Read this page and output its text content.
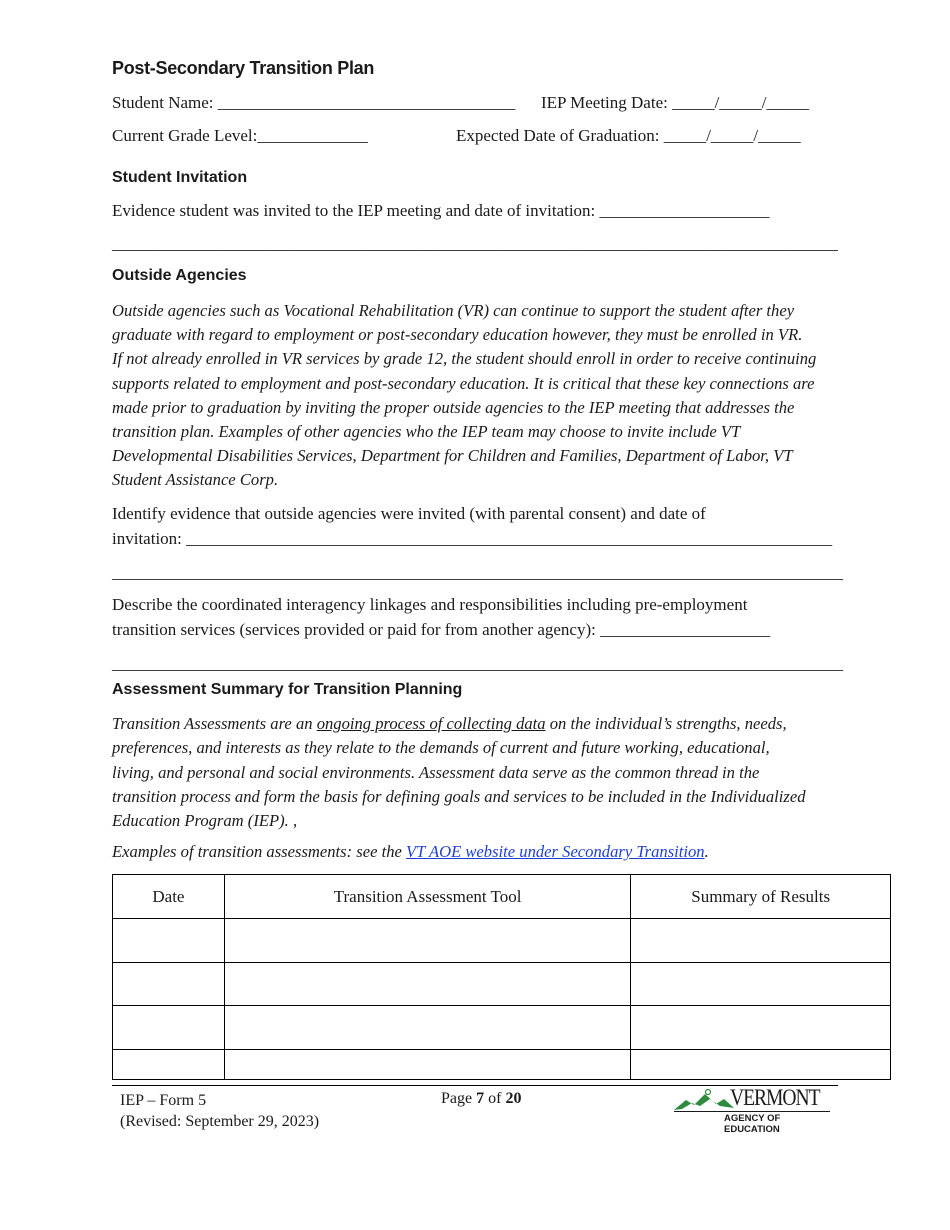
Post-Secondary Transition Plan
Student Name: ___________________________________ IEP Meeting Date: _____/_____/_____
Current Grade Level:_____________	Expected Date of Graduation: _____/_____/_____
Student Invitation
Evidence student was invited to the IEP meeting and date of invitation: ____________________
______________________________________________________________________________________
Outside Agencies
Outside agencies such as Vocational Rehabilitation (VR) can continue to support the student after they
graduate with regard to employment or post-secondary education however, they must be enrolled in VR.
If not already enrolled in VR services by grade 12, the student should enroll in order to receive continuing
supports related to employment and post-secondary education. It is critical that these key connections are
made prior to graduation by inviting the proper outside agencies to the IEP meeting that addresses the
transition plan. Examples of other agencies who the IEP team may choose to invite include VT
Developmental Disabilities Services, Department for Children and Families, Department of Labor, VT
Student Assistance Corp.
Identify evidence that outside agencies were invited (with parental consent) and date of
invitation: ____________________________________________________________________________
______________________________________________________________________________________
Describe the coordinated interagency linkages and responsibilities including pre-employment
transition services (services provided or paid for from another agency): ____________________
______________________________________________________________________________________
Assessment Summary for Transition Planning
Transition Assessments are an ongoing process of collecting data on the individual’s strengths, needs,
preferences, and interests as they relate to the demands of current and future working, educational,
living, and personal and social environments. Assessment data serve as the common thread in the
transition process and form the basis for defining goals and services to be included in the Individualized
Education Program (IEP). ,
Examples of transition assessments: see the VT AOE website under Secondary Transition.
Date	Transition Assessment Tool	Summary of Results

IEP – Form 5
(Revised: September 29, 2023)
Page 7 of 20	VERMONT
AGENCY OF EDUCATION
